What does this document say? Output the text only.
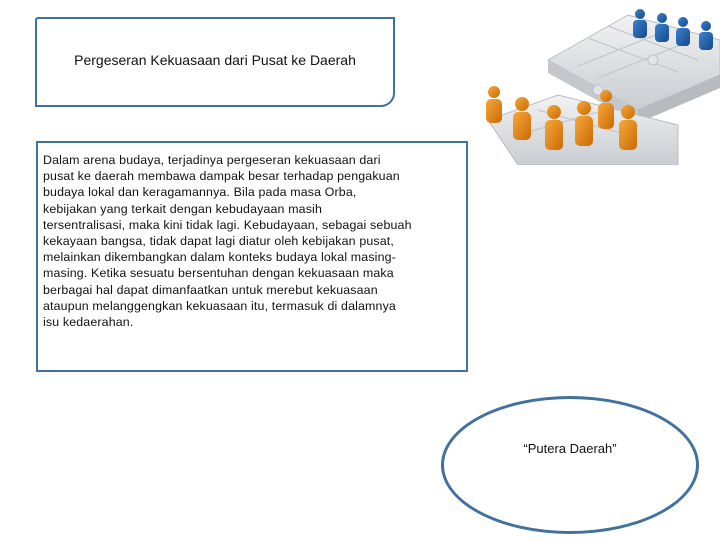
Pergeseran Kekuasaan dari Pusat ke Daerah

Dalam arena budaya, terjadinya pergeseran kekuasaan dari
pusat ke daerah membawa dampak besar terhadap pengakuan
budaya lokal dan keragamannya. Bila pada masa Orba,
kebijakan yang terkait dengan kebudayaan masih
tersentralisasi, maka kini tidak lagi. Kebudayaan, sebagai sebuah
kekayaan bangsa, tidak dapat lagi diatur oleh kebijakan pusat,
melainkan dikembangkan dalam konteks budaya lokal masing-
masing. Ketika sesuatu bersentuhan dengan kekuasaan maka
berbagai hal dapat dimanfaatkan untuk merebut kekuasaan
ataupun melanggengkan kekuasaan itu, termasuk di dalamnya
isu kedaerahan.

“Putera Daerah”
